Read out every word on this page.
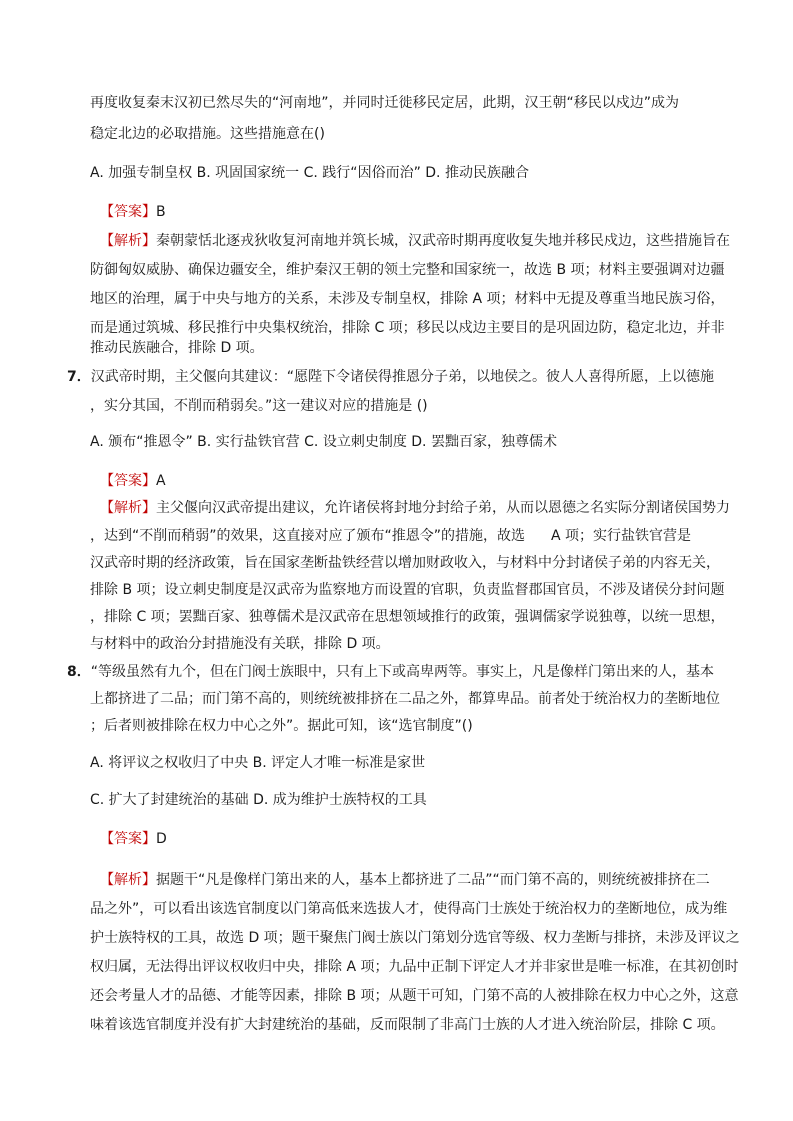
再度收复秦末汉初已然尽失的“河南地”，并同时迁徙移民定居，此期，汉王朝“移民以戍边”成为
稳定北边的必取措施。这些措施意在()
A. 加强专制皇权 B. 巩固国家统一 C. 践行“因俗而治” D. 推动民族融合
【答案】B
【解析】秦朝蒙恬北逐戎狄收复河南地并筑长城，汉武帝时期再度收复失地并移民戍边，这些措施旨在
防御匈奴威胁、确保边疆安全，维护秦汉王朝的领土完整和国家统一，故选 B 项；材料主要强调对边疆
地区的治理，属于中央与地方的关系，未涉及专制皇权，排除 A 项；材料中无提及尊重当地民族习俗，
而是通过筑城、移民推行中央集权统治，排除 C 项；移民以戍边主要目的是巩固边防，稳定北边，并非
推动民族融合，排除 D 项。
7．汉武帝时期，主父偃向其建议：“愿陛下令诸侯得推恩分子弟，以地侯之。彼人人喜得所愿，上以德施
，实分其国，不削而稍弱矣。”这一建议对应的措施是 ()
A. 颁布“推恩令” B. 实行盐铁官营 C. 设立刺史制度 D. 罢黜百家，独尊儒术
【答案】A
【解析】主父偃向汉武帝提出建议，允许诸侯将封地分封给子弟，从而以恩德之名实际分割诸侯国势力
，达到“不削而稍弱”的效果，这直接对应了颁布“推恩令”的措施，故选 A 项；实行盐铁官营是
汉武帝时期的经济政策，旨在国家垄断盐铁经营以增加财政收入，与材料中分封诸侯子弟的内容无关，
排除 B 项；设立刺史制度是汉武帝为监察地方而设置的官职，负责监督郡国官员，不涉及诸侯分封问题
，排除 C 项；罢黜百家、独尊儒术是汉武帝在思想领域推行的政策，强调儒家学说独尊，以统一思想，
与材料中的政治分封措施没有关联，排除 D 项。
8．“等级虽然有九个，但在门阀士族眼中，只有上下或高卑两等。事实上，凡是像样门第出来的人，基本
上都挤进了二品；而门第不高的，则统统被排挤在二品之外，都算卑品。前者处于统治权力的垄断地位
；后者则被排除在权力中心之外”。据此可知，该“选官制度”()
A. 将评议之权收归了中央 B. 评定人才唯一标准是家世
C. 扩大了封建统治的基础 D. 成为维护士族特权的工具
【答案】D
【解析】据题干“凡是像样门第出来的人，基本上都挤进了二品”“而门第不高的，则统统被排挤在二
品之外”，可以看出该选官制度以门第高低来选拔人才，使得高门士族处于统治权力的垄断地位，成为维
护士族特权的工具，故选 D 项；题干聚焦门阀士族以门第划分选官等级、权力垄断与排挤，未涉及评议之
权归属，无法得出评议权收归中央，排除 A 项；九品中正制下评定人才并非家世是唯一标准，在其初创时
还会考量人才的品德、才能等因素，排除 B 项；从题干可知，门第不高的人被排除在权力中心之外，这意
味着该选官制度并没有扩大封建统治的基础，反而限制了非高门士族的人才进入统治阶层，排除 C 项。
